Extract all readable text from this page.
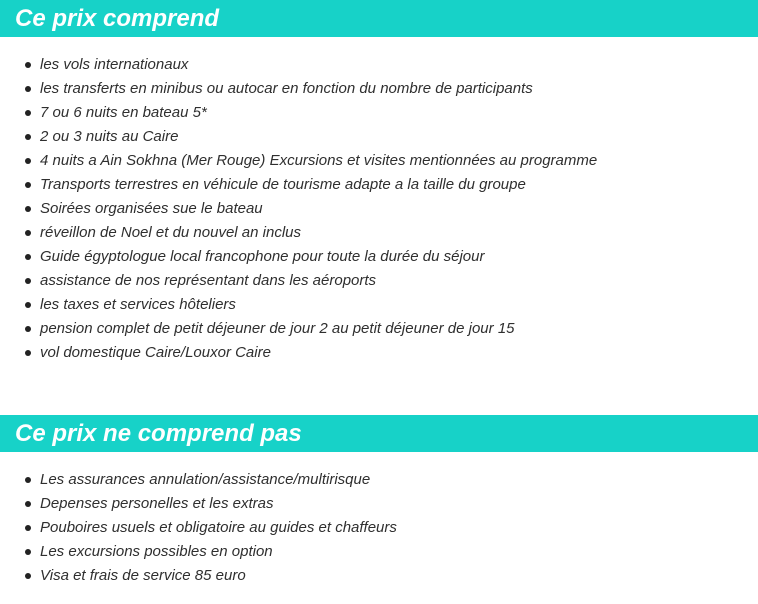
Ce prix comprend
les vols internationaux
les transferts en minibus ou autocar en fonction du nombre de participants
7 ou 6 nuits en bateau 5*
2 ou 3 nuits au Caire
4 nuits a Ain Sokhna (Mer Rouge) Excursions et visites mentionnées au programme
Transports terrestres en véhicule de tourisme adapte a la taille du groupe
Soirées organisées sue le bateau
réveillon de Noel et du nouvel an inclus
Guide égyptologue local francophone pour toute la durée du séjour
assistance de nos représentant dans les aéroports
les taxes et services hôteliers
pension complet de petit déjeuner de jour 2 au petit déjeuner de jour 15
vol domestique Caire/Louxor Caire
Ce prix ne comprend pas
Les assurances annulation/assistance/multirisque
Depenses personelles et les extras
Pouboires usuels et obligatoire au guides et chaffeurs
Les excursions possibles en option
Visa et frais de service 85 euro
